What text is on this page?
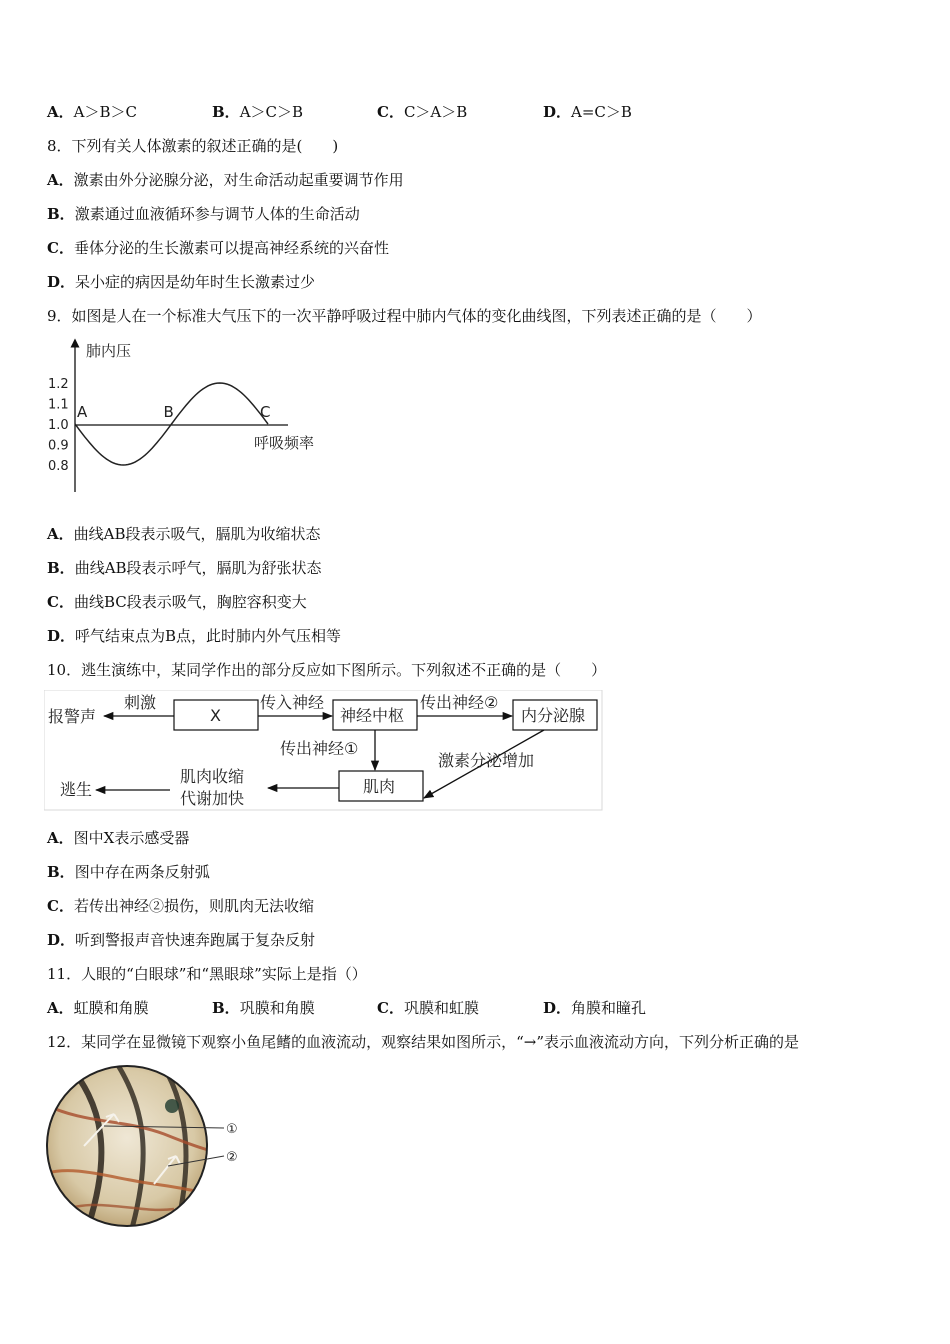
A．A＞B＞C	B．A＞C＞B	C．C＞A＞B	D．A=C＞B
8．下列有关人体激素的叙述正确的是(　　)
A．激素由外分泌腺分泌，对生命活动起重要调节作用
B．激素通过血液循环参与调节人体的生命活动
C．垂体分泌的生长激素可以提高神经系统的兴奋性
D．呆小症的病因是幼年时生长激素过少
9．如图是人在一个标准大气压下的一次平静呼吸过程中肺内气体的变化曲线图，下列表述正确的是（　　）
肺内压
呼吸频率
1.2
1.1
1.0
0.9
0.8
A	B	C
A．曲线AB段表示吸气，膈肌为收缩状态
B．曲线AB段表示呼气，膈肌为舒张状态
C．曲线BC段表示吸气，胸腔容积变大
D．呼气结束点为B点，此时肺内外气压相等
10．逃生演练中，某同学作出的部分反应如下图所示。下列叙述不正确的是（　　）
报警声
刺激
X
传入神经
神经中枢
传出神经②
内分泌腺
传出神经①
激素分泌增加
肌肉
肌肉收缩
代谢加快
逃生
A．图中X表示感受器
B．图中存在两条反射弧
C．若传出神经②损伤，则肌肉无法收缩
D．听到警报声音快速奔跑属于复杂反射
11．人眼的“白眼球”和“黑眼球”实际上是指（）
A．虹膜和角膜	B．巩膜和角膜	C．巩膜和虹膜	D．角膜和瞳孔
12．某同学在显微镜下观察小鱼尾鳍的血液流动，观察结果如图所示，“→”表示血液流动方向，下列分析正确的是
①
②
